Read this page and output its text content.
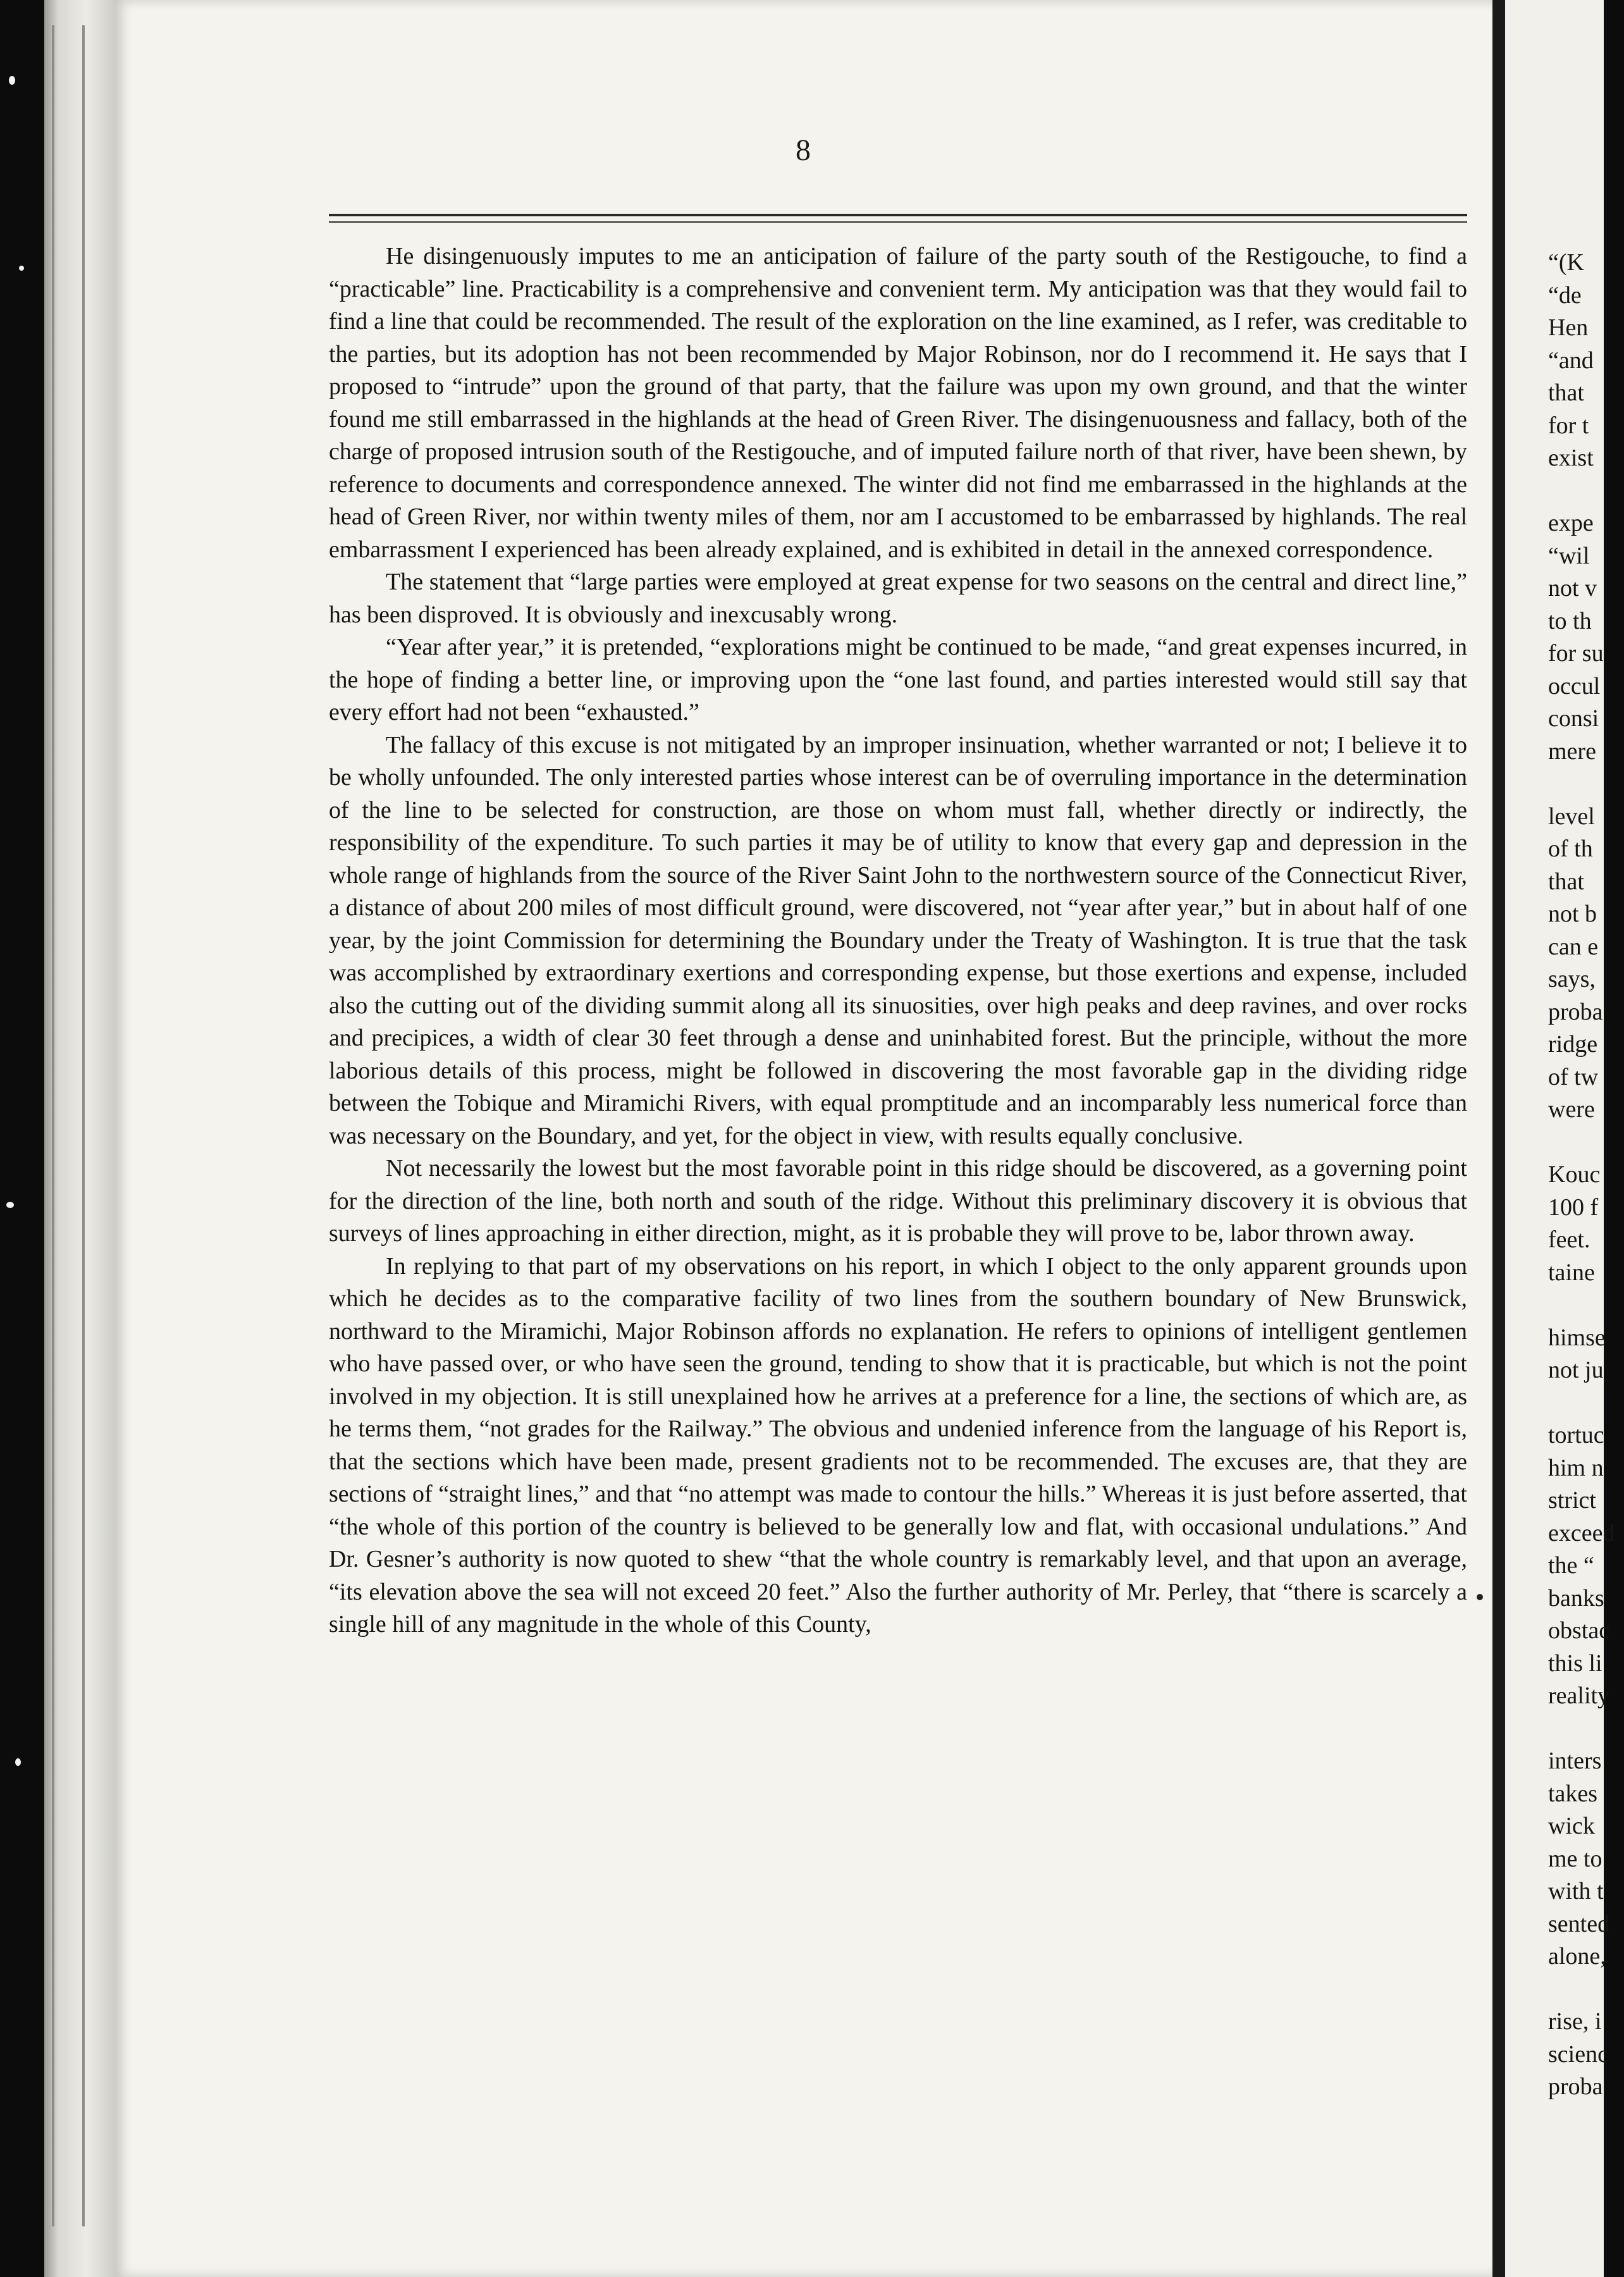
8

He disingenuously imputes to me an anticipation of failure of the party south of the Restigouche, to find a “practicable” line. Practicability is a comprehensive and convenient term. My anticipation was that they would fail to find a line that could be recommended. The result of the exploration on the line examined, as I refer, was creditable to the parties, but its adoption has not been recommended by Major Robinson, nor do I recommend it. He says that I proposed to “intrude” upon the ground of that party, that the failure was upon my own ground, and that the winter found me still embarrassed in the highlands at the head of Green River. The disingenuousness and fallacy, both of the charge of proposed intrusion south of the Restigouche, and of imputed failure north of that river, have been shewn, by reference to documents and correspondence annexed. The winter did not find me embarrassed in the highlands at the head of Green River, nor within twenty miles of them, nor am I accustomed to be embarrassed by highlands. The real embarrassment I experienced has been already explained, and is exhibited in detail in the annexed correspondence.

The statement that “large parties were employed at great expense for two seasons on the central and direct line,” has been disproved. It is obviously and inexcusably wrong.

“Year after year,” it is pretended, “explorations might be continued to be made, “and great expenses incurred, in the hope of finding a better line, or improving upon the “one last found, and parties interested would still say that every effort had not been “exhausted.”

The fallacy of this excuse is not mitigated by an improper insinuation, whether warranted or not; I believe it to be wholly unfounded. The only interested parties whose interest can be of overruling importance in the determination of the line to be selected for construction, are those on whom must fall, whether directly or indirectly, the responsibility of the expenditure. To such parties it may be of utility to know that every gap and depression in the whole range of highlands from the source of the River Saint John to the northwestern source of the Connecticut River, a distance of about 200 miles of most difficult ground, were discovered, not “year after year,” but in about half of one year, by the joint Commission for determining the Boundary under the Treaty of Washington. It is true that the task was accomplished by extraordinary exertions and corresponding expense, but those exertions and expense, included also the cutting out of the dividing summit along all its sinuosities, over high peaks and deep ravines, and over rocks and precipices, a width of clear 30 feet through a dense and uninhabited forest. But the principle, without the more laborious details of this process, might be followed in discovering the most favorable gap in the dividing ridge between the Tobique and Miramichi Rivers, with equal promptitude and an incomparably less numerical force than was necessary on the Boundary, and yet, for the object in view, with results equally conclusive.

Not necessarily the lowest but the most favorable point in this ridge should be discovered, as a governing point for the direction of the line, both north and south of the ridge. Without this preliminary discovery it is obvious that surveys of lines approaching in either direction, might, as it is probable they will prove to be, labor thrown away.

In replying to that part of my observations on his report, in which I object to the only apparent grounds upon which he decides as to the comparative facility of two lines from the southern boundary of New Brunswick, northward to the Miramichi, Major Robinson affords no explanation. He refers to opinions of intelligent gentlemen who have passed over, or who have seen the ground, tending to show that it is practicable, but which is not the point involved in my objection. It is still unexplained how he arrives at a preference for a line, the sections of which are, as he terms them, “not grades for the Railway.” The obvious and undenied inference from the language of his Report is, that the sections which have been made, present gradients not to be recommended. The excuses are, that they are sections of “straight lines,” and that “no attempt was made to contour the hills.” Whereas it is just before asserted, that “the whole of this portion of the country is believed to be generally low and flat, with occasional undulations.” And Dr. Gesner’s authority is now quoted to shew “that the whole country is remarkably level, and that upon an average, “its elevation above the sea will not exceed 20 feet.” Also the further authority of Mr. Perley, that “there is scarcely a single hill of any magnitude in the whole of this County,

“(K
“de
Hen
“and
that
for t
exist
expe
“wil
not v
to th
for su
occul
consi
mere
level
of th
that
not b
can e
says,
proba
ridge
of tw
were
Kouc
100 f
feet.
taine
himse
not ju
tortuc
him n
strict
exceed
the “
banks
obstac
this li
reality
inters
takes
wick
me to
with t
sented
alone,
rise, i
scienc
proba
